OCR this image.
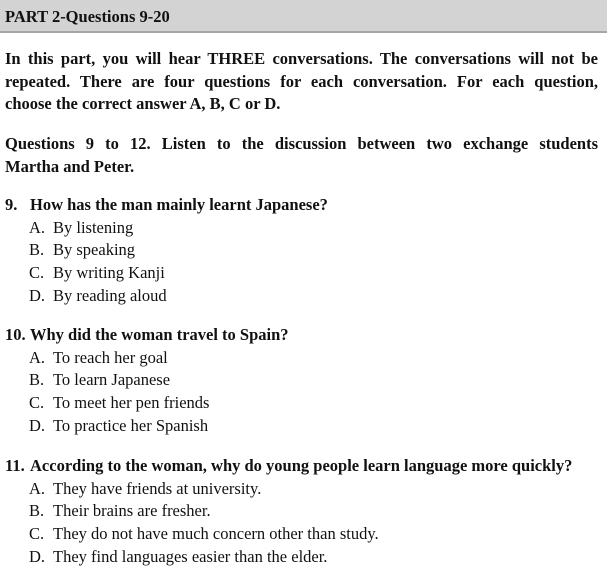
PART 2-Questions 9-20

In this part, you will hear THREE conversations. The conversations will not be
repeated. There are four questions for each conversation. For each question,
choose the correct answer A, B, C or D.

Questions 9 to 12. Listen to the discussion between two exchange students
Martha and Peter.

9. How has the man mainly learnt Japanese?

A. By listening
B. By speaking
C. By writing Kanji
D. By reading aloud

10. Why did the woman travel to Spain?

A. To reach her goal
B. To learn Japanese
C. To meet her pen friends
D. To practice her Spanish

11. According to the woman, why do young people learn language more quickly?

A. They have friends at university.
B. Their brains are fresher.
C. They do not have much concern other than study.
D. They find languages easier than the elder.
